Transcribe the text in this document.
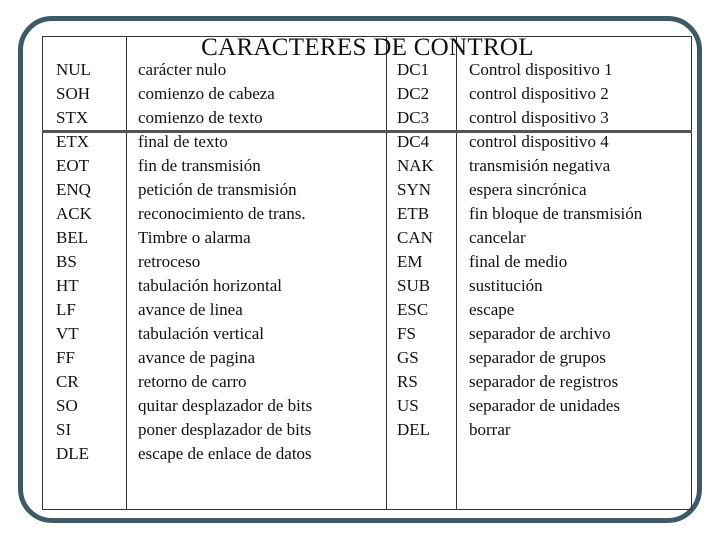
CARACTERES DE CONTROL
NUL
SOH
STX
ETX
EOT
ENQ
ACK
BEL
BS
HT
LF
VT
FF
CR
SO
SI
DLE
carácter nulo
comienzo de cabeza
comienzo de texto
final de texto
fin de transmisión
petición de transmisión
reconocimiento de trans.
Timbre o alarma
retroceso
tabulación horizontal
avance de linea
tabulación vertical
avance de pagina
retorno de carro
quitar desplazador de bits
poner desplazador de bits
escape de enlace de datos
DC1
DC2
DC3
DC4
NAK
SYN
ETB
CAN
EM
SUB
ESC
FS
GS
RS
US
DEL
Control dispositivo 1
control dispositivo 2
control dispositivo 3
control dispositivo 4
transmisión negativa
espera sincrónica
fin bloque de transmisión
cancelar
final de medio
sustitución
escape
separador de archivo
separador de grupos
separador de registros
separador de unidades
borrar
